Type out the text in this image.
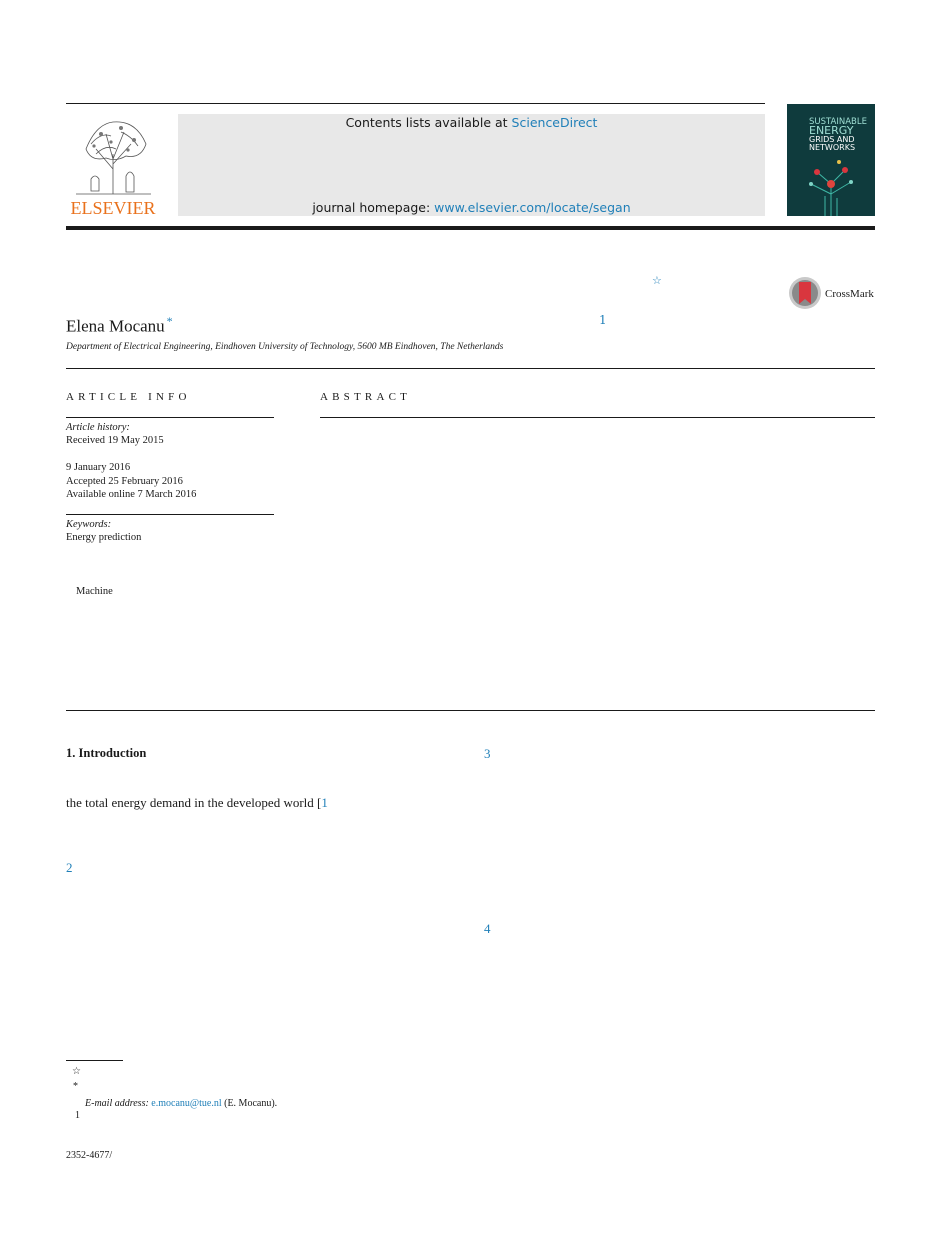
ELSEVIER
Contents lists available at ScienceDirect
journal homepage: www.elsevier.com/locate/segan
SUSTAINABLE
ENERGY
GRIDS AND
NETWORKS
☆
CrossMark
Elena Mocanu *	1
Department of Electrical Engineering, Eindhoven University of Technology, 5600 MB Eindhoven, The Netherlands
ARTICLE INFO	ABSTRACT
Article history:
Received 19 May 2015

9 January 2016
Accepted 25 February 2016
Available online 7 March 2016
Keywords:
Energy prediction
Machine
1. Introduction
the total energy demand in the developed world [1
2
3
4
☆
*
E-mail address: e.mocanu@tue.nl (E. Mocanu).
1
2352-4677/
